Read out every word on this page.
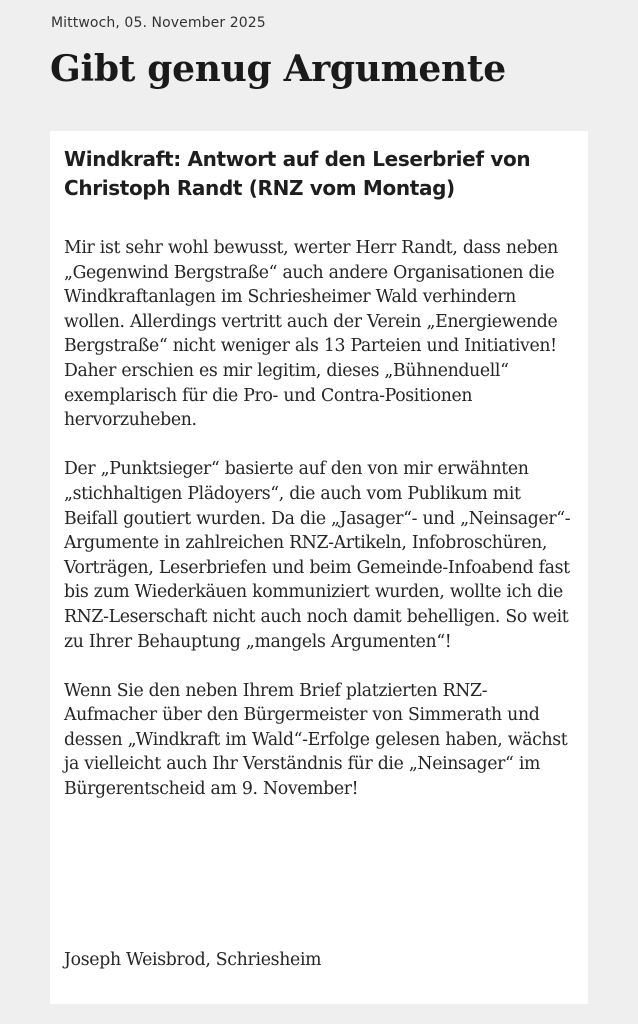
Mittwoch, 05. November 2025
Gibt genug Argumente
Windkraft: Antwort auf den Leserbrief von Christoph Randt (RNZ vom Montag)

Mir ist sehr wohl bewusst, werter Herr Randt, dass neben „Gegenwind Bergstraße“ auch andere Organisationen die Windkraftanlagen im Schriesheimer Wald verhindern wollen. Allerdings vertritt auch der Verein „Energiewende Bergstraße“ nicht weniger als 13 Parteien und Initiativen! Daher erschien es mir legitim, dieses „Bühnenduell“ exemplarisch für die Pro- und Contra-Positionen hervorzuheben.

Der „Punktsieger“ basierte auf den von mir erwähnten „stichhaltigen Plädoyers“, die auch vom Publikum mit Beifall goutiert wurden. Da die „Jasager“- und „Neinsager“-Argumente in zahlreichen RNZ-Artikeln, Infobroschüren, Vorträgen, Leserbriefen und beim Gemeinde-Infoabend fast bis zum Wiederkäuen kommuniziert wurden, wollte ich die RNZ-Leserschaft nicht auch noch damit behelligen. So weit zu Ihrer Behauptung „mangels Argumenten“!

Wenn Sie den neben Ihrem Brief platzierten RNZ-Aufmacher über den Bürgermeister von Simmerath und dessen „Windkraft im Wald“-Erfolge gelesen haben, wächst ja vielleicht auch Ihr Verständnis für die „Neinsager“ im Bürgerentscheid am 9. November!

Joseph Weisbrod, Schriesheim
